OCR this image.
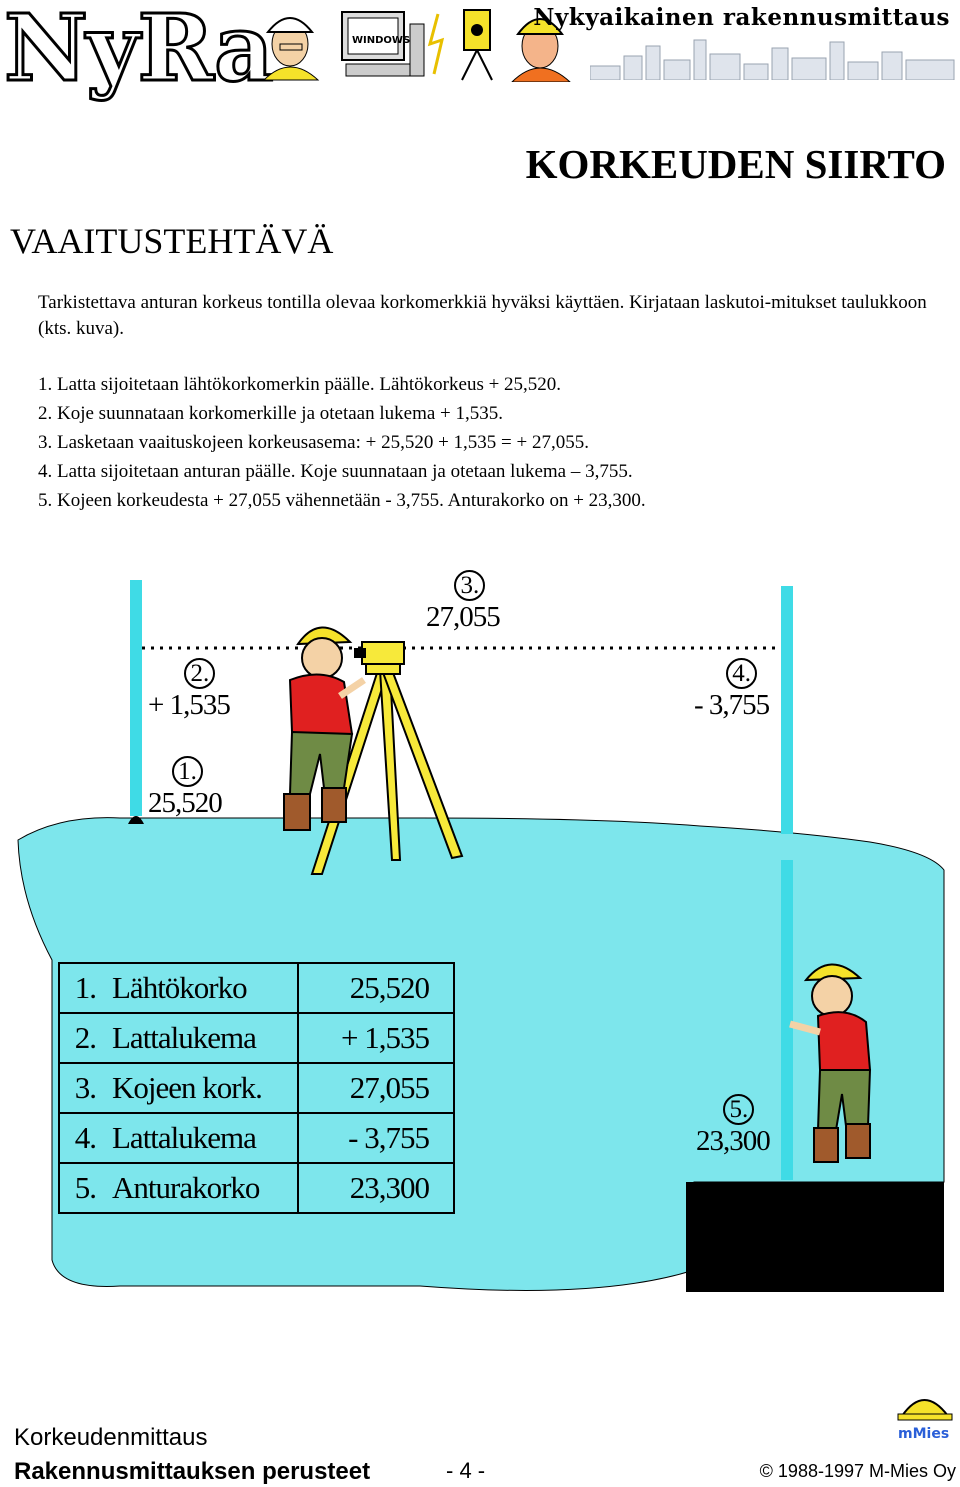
NyRa	WINDOWS
Nykyaikainen rakennusmittaus
KORKEUDEN SIIRTO
VAAITUSTEHTÄVÄ
Tarkistettava anturan korkeus tontilla olevaa korkomerkkiä hyväksi käyttäen. Kirjataan laskutoi-mitukset taulukkoon (kts. kuva).
1. Latta sijoitetaan lähtökorkomerkin päälle. Lähtökorkeus + 25,520.
2. Koje suunnataan korkomerkille ja otetaan lukema + 1,535.
3. Lasketaan vaaituskojeen korkeusasema: + 25,520 + 1,535 = + 27,055.
4. Latta sijoitetaan anturan päälle. Koje suunnataan ja otetaan lukema – 3,755.
5. Kojeen korkeudesta + 27,055 vähennetään - 3,755. Anturakorko on + 23,300.
3.
27,055
2.
+ 1,535
1.
25,520
4.
- 3,755
5.
23,300
1.	Lähtökorko	25,520
2.	Lattalukema	+ 1,535
3.	Kojeen kork.	27,055
4.	Lattalukema	- 3,755
5.	Anturakorko	23,300
mMies
Korkeudenmittaus
Rakennusmittauksen perusteet	- 4 -	© 1988-1997 M-Mies Oy
